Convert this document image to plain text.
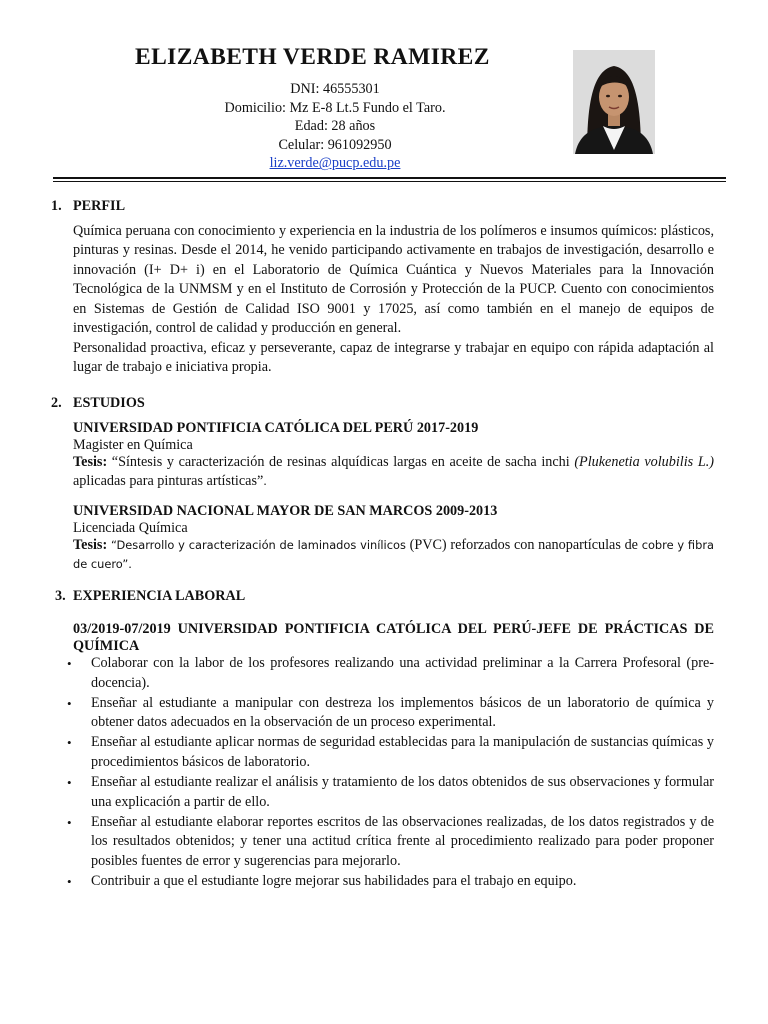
ELIZABETH VERDE RAMIREZ
DNI: 46555301
Domicilio: Mz E-8 Lt.5 Fundo el Taro.
Edad: 28 años
Celular: 961092950
liz.verde@pucp.edu.pe
1. PERFIL
Química peruana con conocimiento y experiencia en la industria de los polímeros e insumos químicos: plásticos, pinturas y resinas. Desde el 2014, he venido participando activamente en trabajos de investigación, desarrollo e innovación (I+ D+ i) en el Laboratorio de Química Cuántica y Nuevos Materiales para la Innovación Tecnológica de la UNMSM y en el Instituto de Corrosión y Protección de la PUCP. Cuento con conocimientos en Sistemas de Gestión de Calidad ISO 9001 y 17025, así como también en el manejo de equipos de investigación, control de calidad y producción en general.
Personalidad proactiva, eficaz y perseverante, capaz de integrarse y trabajar en equipo con rápida adaptación al lugar de trabajo e iniciativa propia.
2. ESTUDIOS
UNIVERSIDAD PONTIFICIA CATÓLICA DEL PERÚ 2017-2019
Magister en Química
Tesis: “Síntesis y caracterización de resinas alquídicas largas en aceite de sacha inchi (Plukenetia volubilis L.) aplicadas para pinturas artísticas”.
UNIVERSIDAD NACIONAL MAYOR DE SAN MARCOS 2009-2013
Licenciada Química
Tesis: “Desarrollo y caracterización de laminados vinílicos (PVC) reforzados con nanopartículas de cobre y fibra de cuero”.
3. EXPERIENCIA LABORAL
03/2019-07/2019 UNIVERSIDAD PONTIFICIA CATÓLICA DEL PERÚ-JEFE DE PRÁCTICAS DE QUÍMICA
• Colaborar con la labor de los profesores realizando una actividad preliminar a la Carrera Profesoral (pre-docencia).
• Enseñar al estudiante a manipular con destreza los implementos básicos de un laboratorio de química y obtener datos adecuados en la observación de un proceso experimental.
• Enseñar al estudiante aplicar normas de seguridad establecidas para la manipulación de sustancias químicas y procedimientos básicos de laboratorio.
• Enseñar al estudiante realizar el análisis y tratamiento de los datos obtenidos de sus observaciones y formular una explicación a partir de ello.
• Enseñar al estudiante elaborar reportes escritos de las observaciones realizadas, de los datos registrados y de los resultados obtenidos; y tener una actitud crítica frente al procedimiento realizado para poder proponer posibles fuentes de error y sugerencias para mejorarlo.
• Contribuir a que el estudiante logre mejorar sus habilidades para el trabajo en equipo.
